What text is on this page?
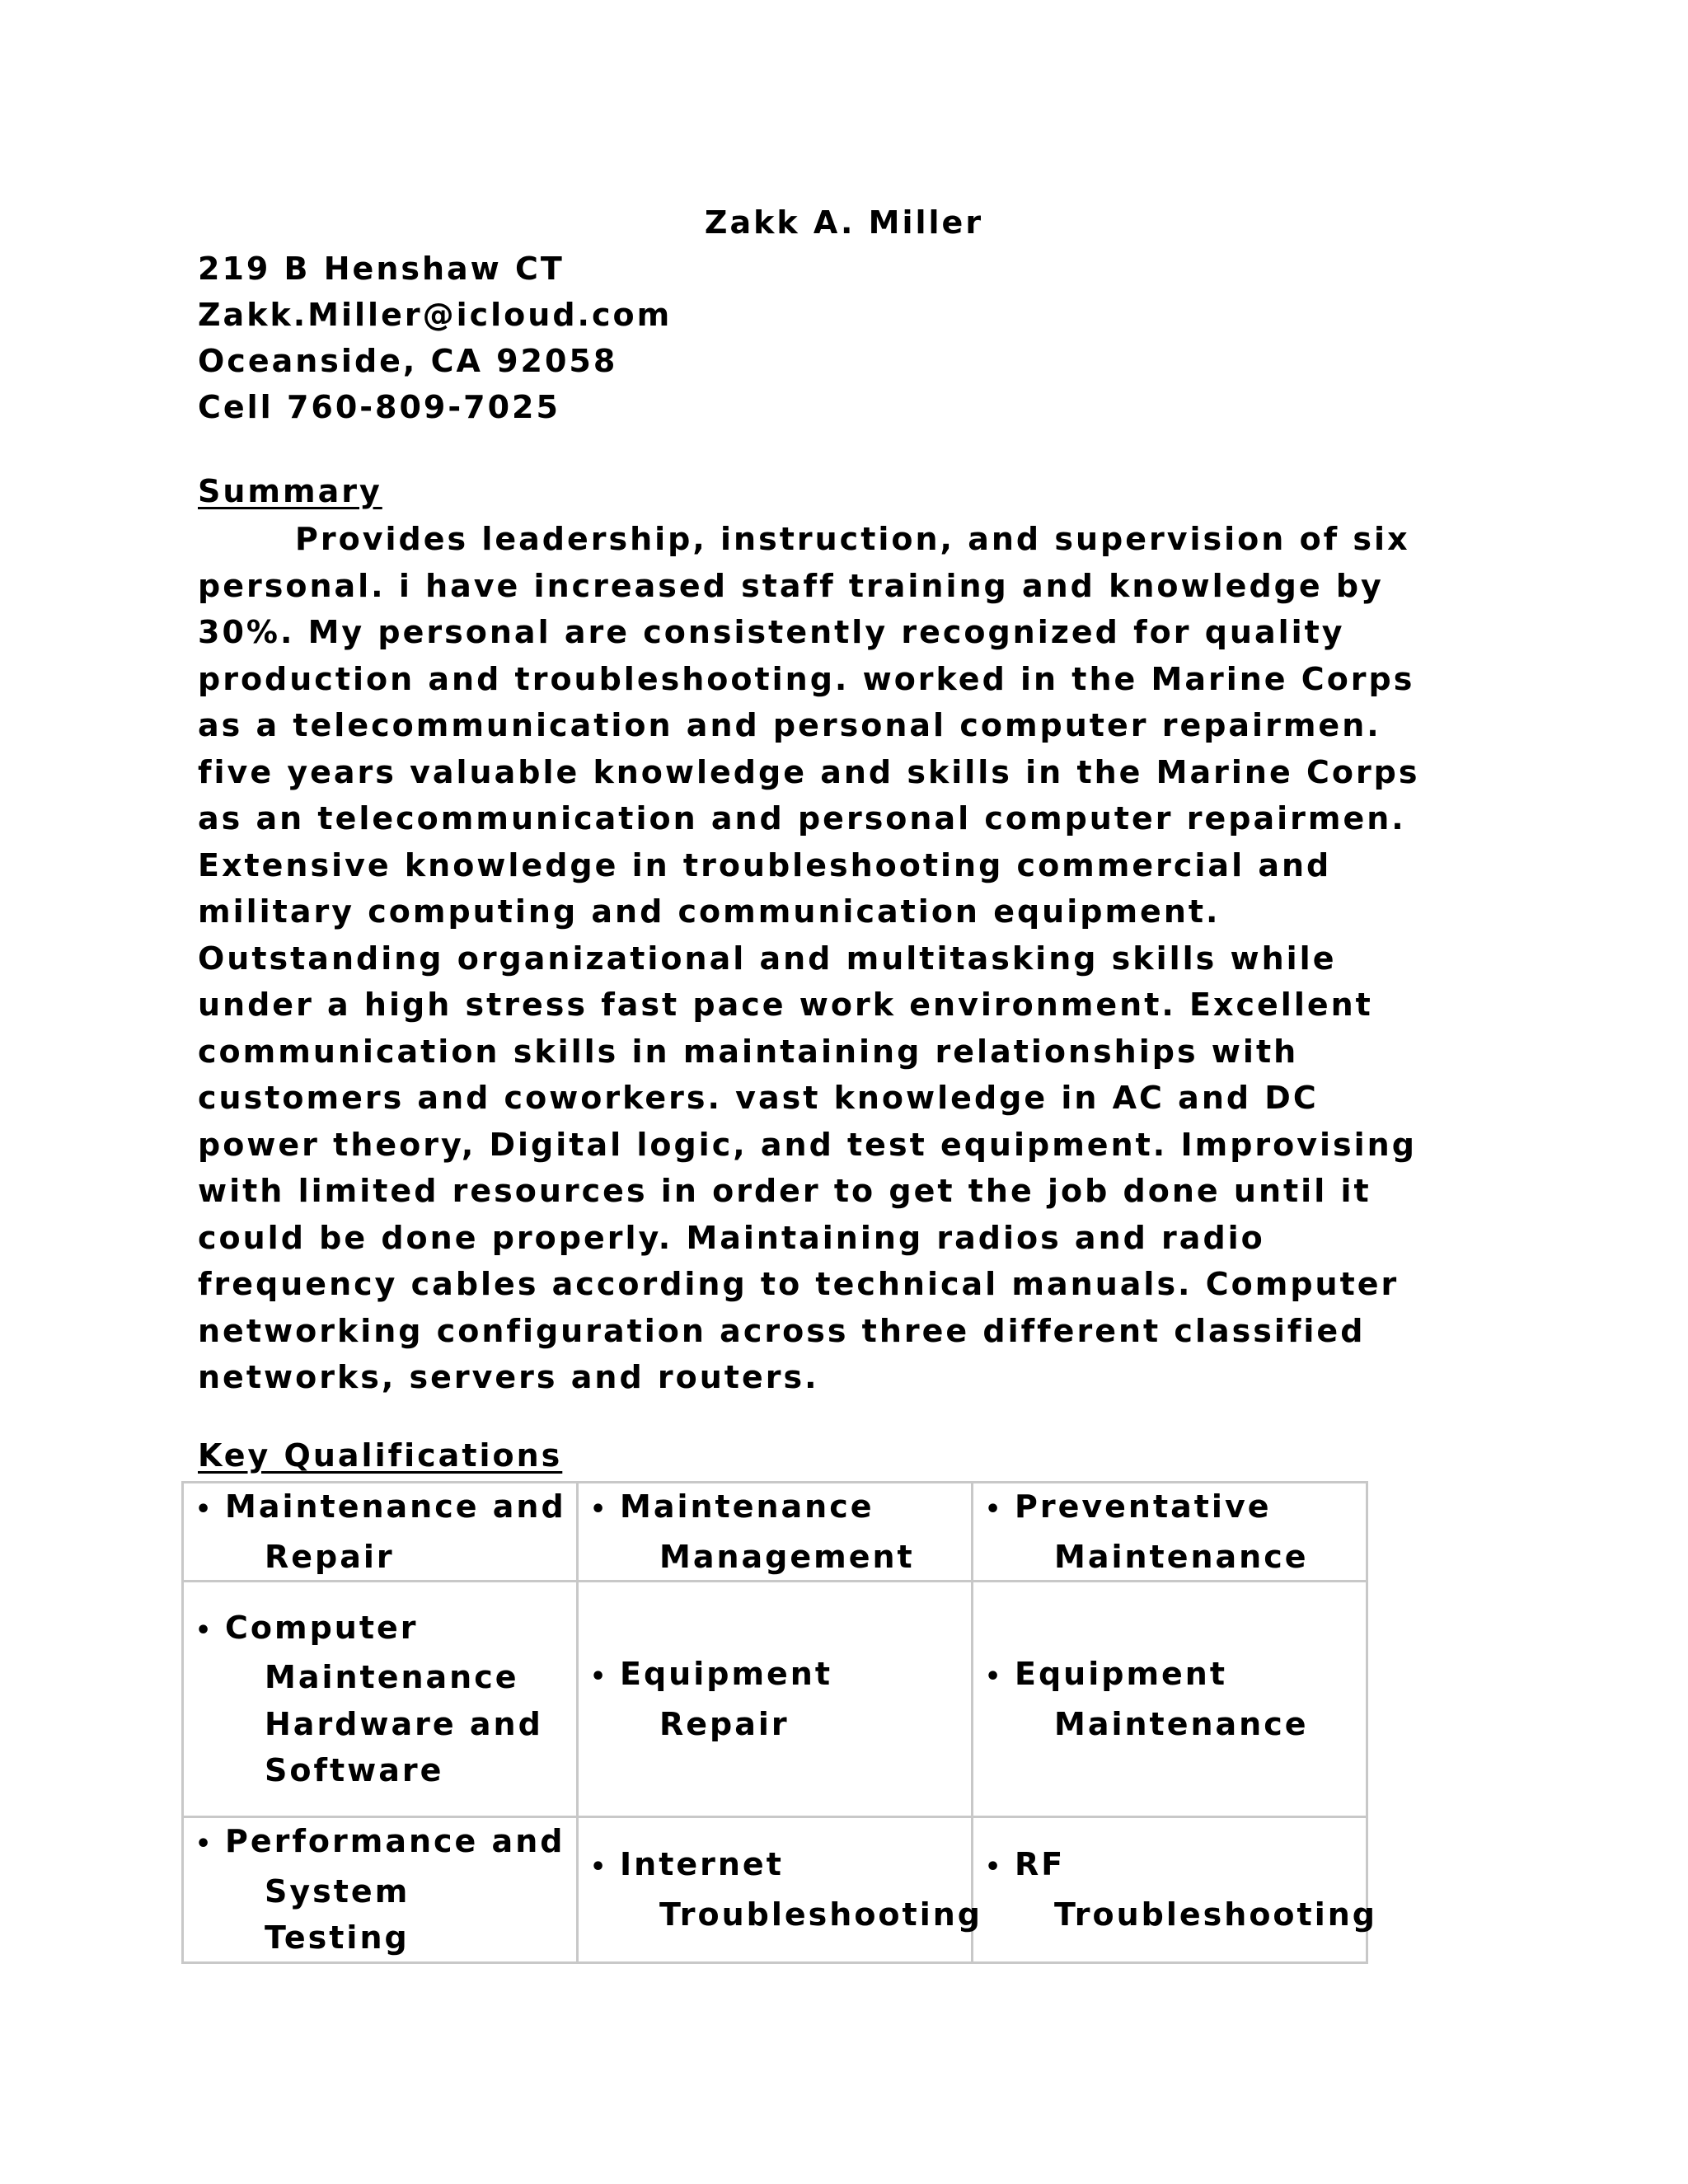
Zakk A. Miller
219 B Henshaw CT
Zakk.Miller@icloud.com
Oceanside, CA 92058
Cell 760-809-7025
Summary

Provides leadership, instruction, and supervision of six personal. i have increased staff training and knowledge by 30%. My personal are consistently recognized for quality production and troubleshooting. worked in the Marine Corps as a telecommunication and personal computer repairmen. five years valuable knowledge and skills in the Marine Corps as an telecommunication and personal computer repairmen. Extensive knowledge in troubleshooting commercial and military computing and communication equipment. Outstanding organizational and multitasking skills while under a high stress fast pace work environment. Excellent communication skills in maintaining relationships with customers and coworkers. vast knowledge in AC and DC power theory, Digital logic, and test equipment. Improvising with limited resources in order to get the job done until it could be done properly. Maintaining radios and radio frequency cables according to technical manuals. Computer networking configuration across three different classified networks, servers and routers.

Key Qualifications
• Maintenance and Repair	• Maintenance Management	• Preventative Maintenance

• Computer Maintenance Hardware and Software	• Equipment Repair	• Equipment Maintenance

• Performance and System Testing	• Internet Troubleshooting	• RF Troubleshooting
